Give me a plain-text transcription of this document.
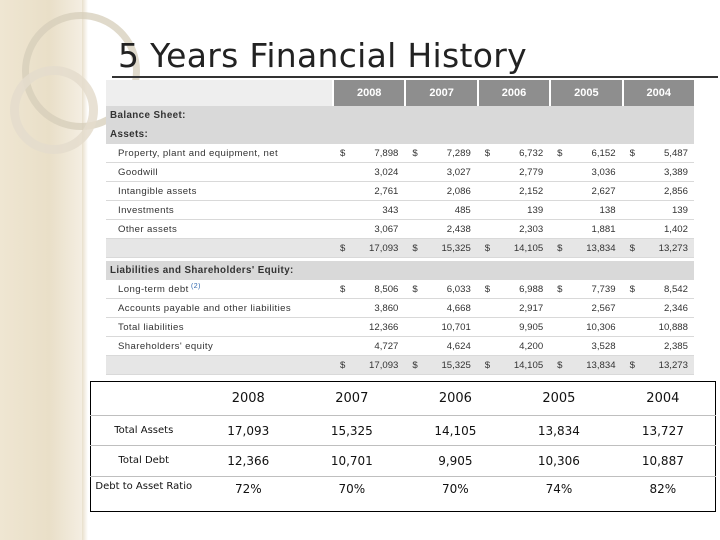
5 Years Financial History
2008	2007	2006	2005	2004
Balance Sheet:
Assets:
Property, plant and equipment, net	$	7,898 $	7,289 $	6,732 $	6,152 $	5,487
Goodwill	3,024	3,027	2,779	3,036	3,389
Intangible assets	2,761	2,086	2,152	2,627	2,856
Investments	343	485	139	138	139
Other assets	3,067	2,438	2,303	1,881	1,402
$ 17,093 $ 15,325 $ 14,105 $ 13,834 $ 13,273
Liabilities and Shareholders' Equity:
Long-term debt $^{(2)}$	$	8,506 $	6,033 $	6,988 $	7,739 $	8,542
Accounts payable and other liabilities	3,860	4,668	2,917	2,567	2,346
Total liabilities	12,366	10,701	9,905	10,306	10,888
Shareholders' equity	4,727	4,624	4,200	3,528	2,385
$ 17,093 $ 15,325 $ 14,105 $ 13,834 $ 13,273
	2008	2007	2006	2005	2004
Total Assets	17,093	15,325	14,105	13,834	13,727
Total Debt	12,366	10,701	9,905	10,306	10,887
Debt to Asset Ratio	72%	70%	70%	74%	82%
